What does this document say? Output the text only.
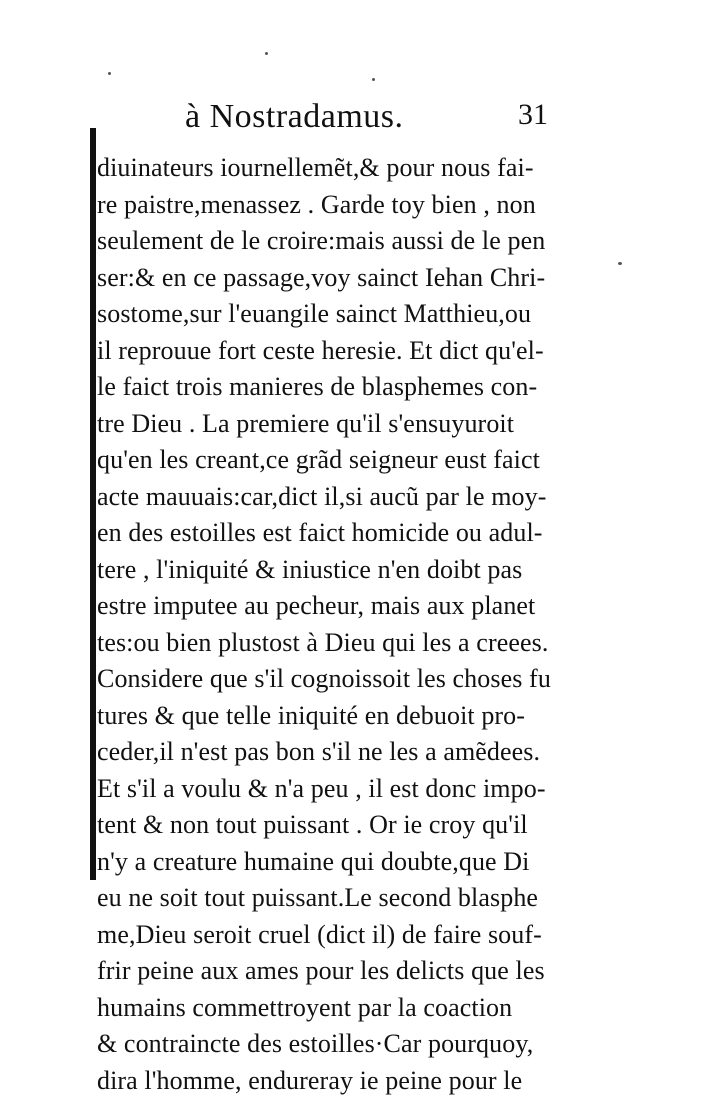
à Nostradamus.	31
diuinateurs iournellemẽt,& pour nous fai-
re paistre,menassez . Garde toy bien , non
seulement de le croire:mais aussi de le pen
ser:& en ce passage,voy sainct Iehan Chri-
sostome,sur l'euangile sainct Matthieu,ou
il reprouue fort ceste heresie. Et dict qu'el-
le faict trois manieres de blasphemes con-
tre Dieu . La premiere qu'il s'ensuyuroit
qu'en les creant,ce grãd seigneur eust faict
acte mauuais:car,dict il,si aucũ par le moy-
en des estoilles est faict homicide ou adul-
tere , l'iniquité & iniustice n'en doibt pas
estre imputee au pecheur, mais aux planet
tes:ou bien plustost à Dieu qui les a creees.
Considere que s'il cognoissoit les choses fu
tures & que telle iniquité en debuoit pro-
ceder,il n'est pas bon s'il ne les a amẽdees.
Et s'il a voulu & n'a peu , il est donc impo-
tent & non tout puissant . Or ie croy qu'il
n'y a creature humaine qui doubte,que Di
eu ne soit tout puissant.Le second blasphe
me,Dieu seroit cruel (dict il) de faire souf-
frir peine aux ames pour les delicts que les
humains commettroyent par la coaction
& contraincte des estoilles·Car pourquoy,
dira l'homme, endureray ie peine pour le
